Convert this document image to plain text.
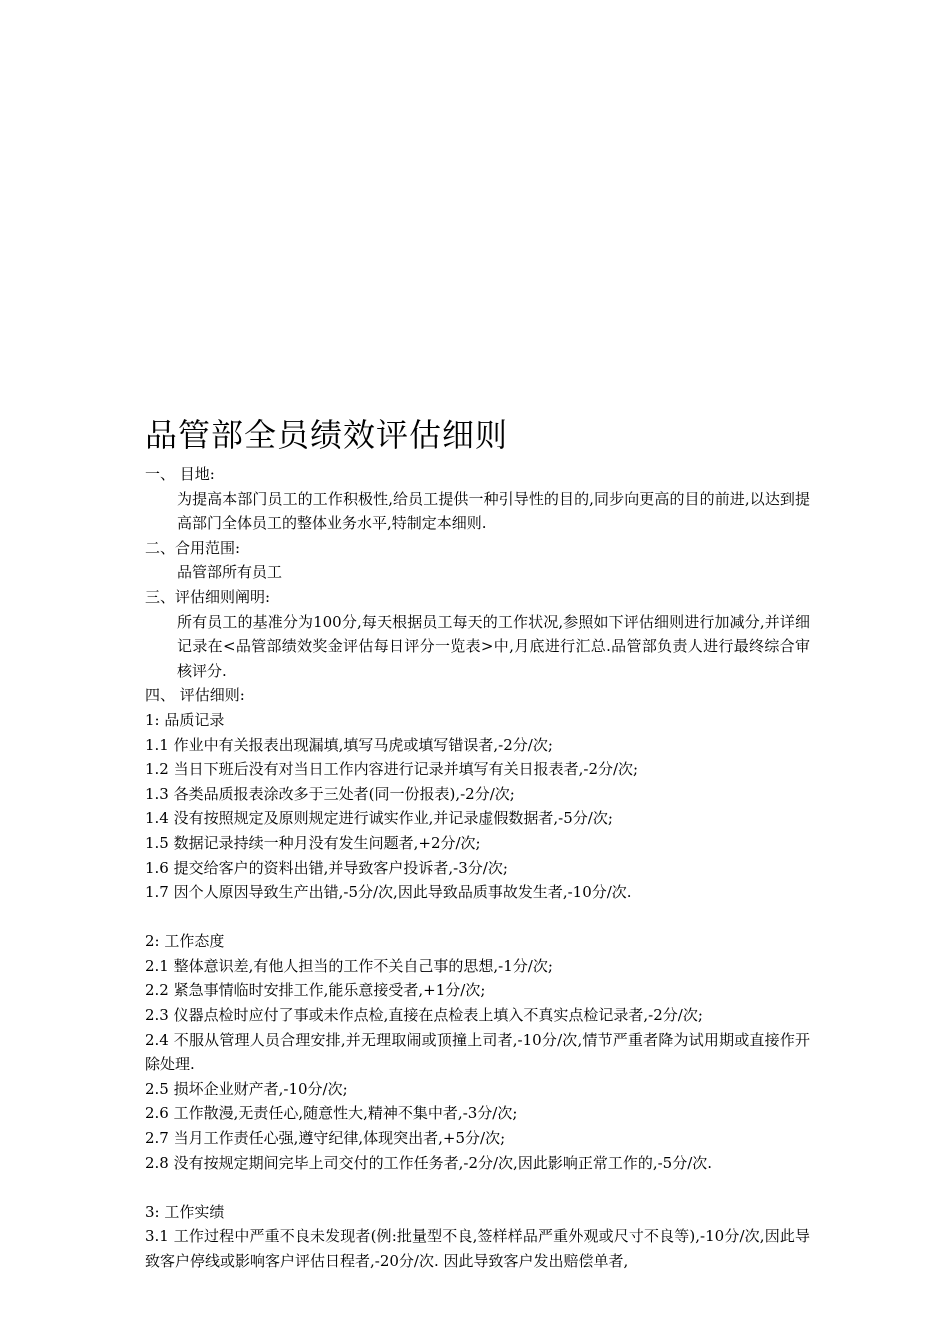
品管部全员绩效评估细则
一、 目地:
为提高本部门员工的工作积极性,给员工提供一种引导性的目的,同步向更高的目的前进,以达到提高部门全体员工的整体业务水平,特制定本细则.
二、合用范围:
品管部所有员工
三、评估细则阐明:
所有员工的基准分为100分,每天根据员工每天的工作状况,参照如下评估细则进行加减分,并详细记录在<品管部绩效奖金评估每日评分一览表>中,月底进行汇总.品管部负责人进行最终综合审核评分.
四、 评估细则:
1: 品质记录
1.1 作业中有关报表出现漏填,填写马虎或填写错误者,-2分/次;
1.2 当日下班后没有对当日工作内容进行记录并填写有关日报表者,-2分/次;
1.3 各类品质报表涂改多于三处者(同一份报表),-2分/次;
1.4 没有按照规定及原则规定进行诚实作业,并记录虚假数据者,-5分/次;
1.5 数据记录持续一种月没有发生问题者,+2分/次;
1.6 提交给客户的资料出错,并导致客户投诉者,-3分/次;
1.7 因个人原因导致生产出错,-5分/次,因此导致品质事故发生者,-10分/次.
2: 工作态度
2.1 整体意识差,有他人担当的工作不关自己事的思想,-1分/次;
2.2 紧急事情临时安排工作,能乐意接受者,+1分/次;
2.3 仪器点检时应付了事或未作点检,直接在点检表上填入不真实点检记录者,-2分/次;
2.4 不服从管理人员合理安排,并无理取闹或顶撞上司者,-10分/次,情节严重者降为试用期或直接作开除处理.
2.5 损坏企业财产者,-10分/次;
2.6 工作散漫,无责任心,随意性大,精神不集中者,-3分/次;
2.7 当月工作责任心强,遵守纪律,体现突出者,+5分/次;
2.8 没有按规定期间完毕上司交付的工作任务者,-2分/次,因此影响正常工作的,-5分/次.
3: 工作实绩
3.1 工作过程中严重不良未发现者(例:批量型不良,签样样品严重外观或尺寸不良等),-10分/次,因此导致客户停线或影响客户评估日程者,-20分/次. 因此导致客户发出赔偿单者,
